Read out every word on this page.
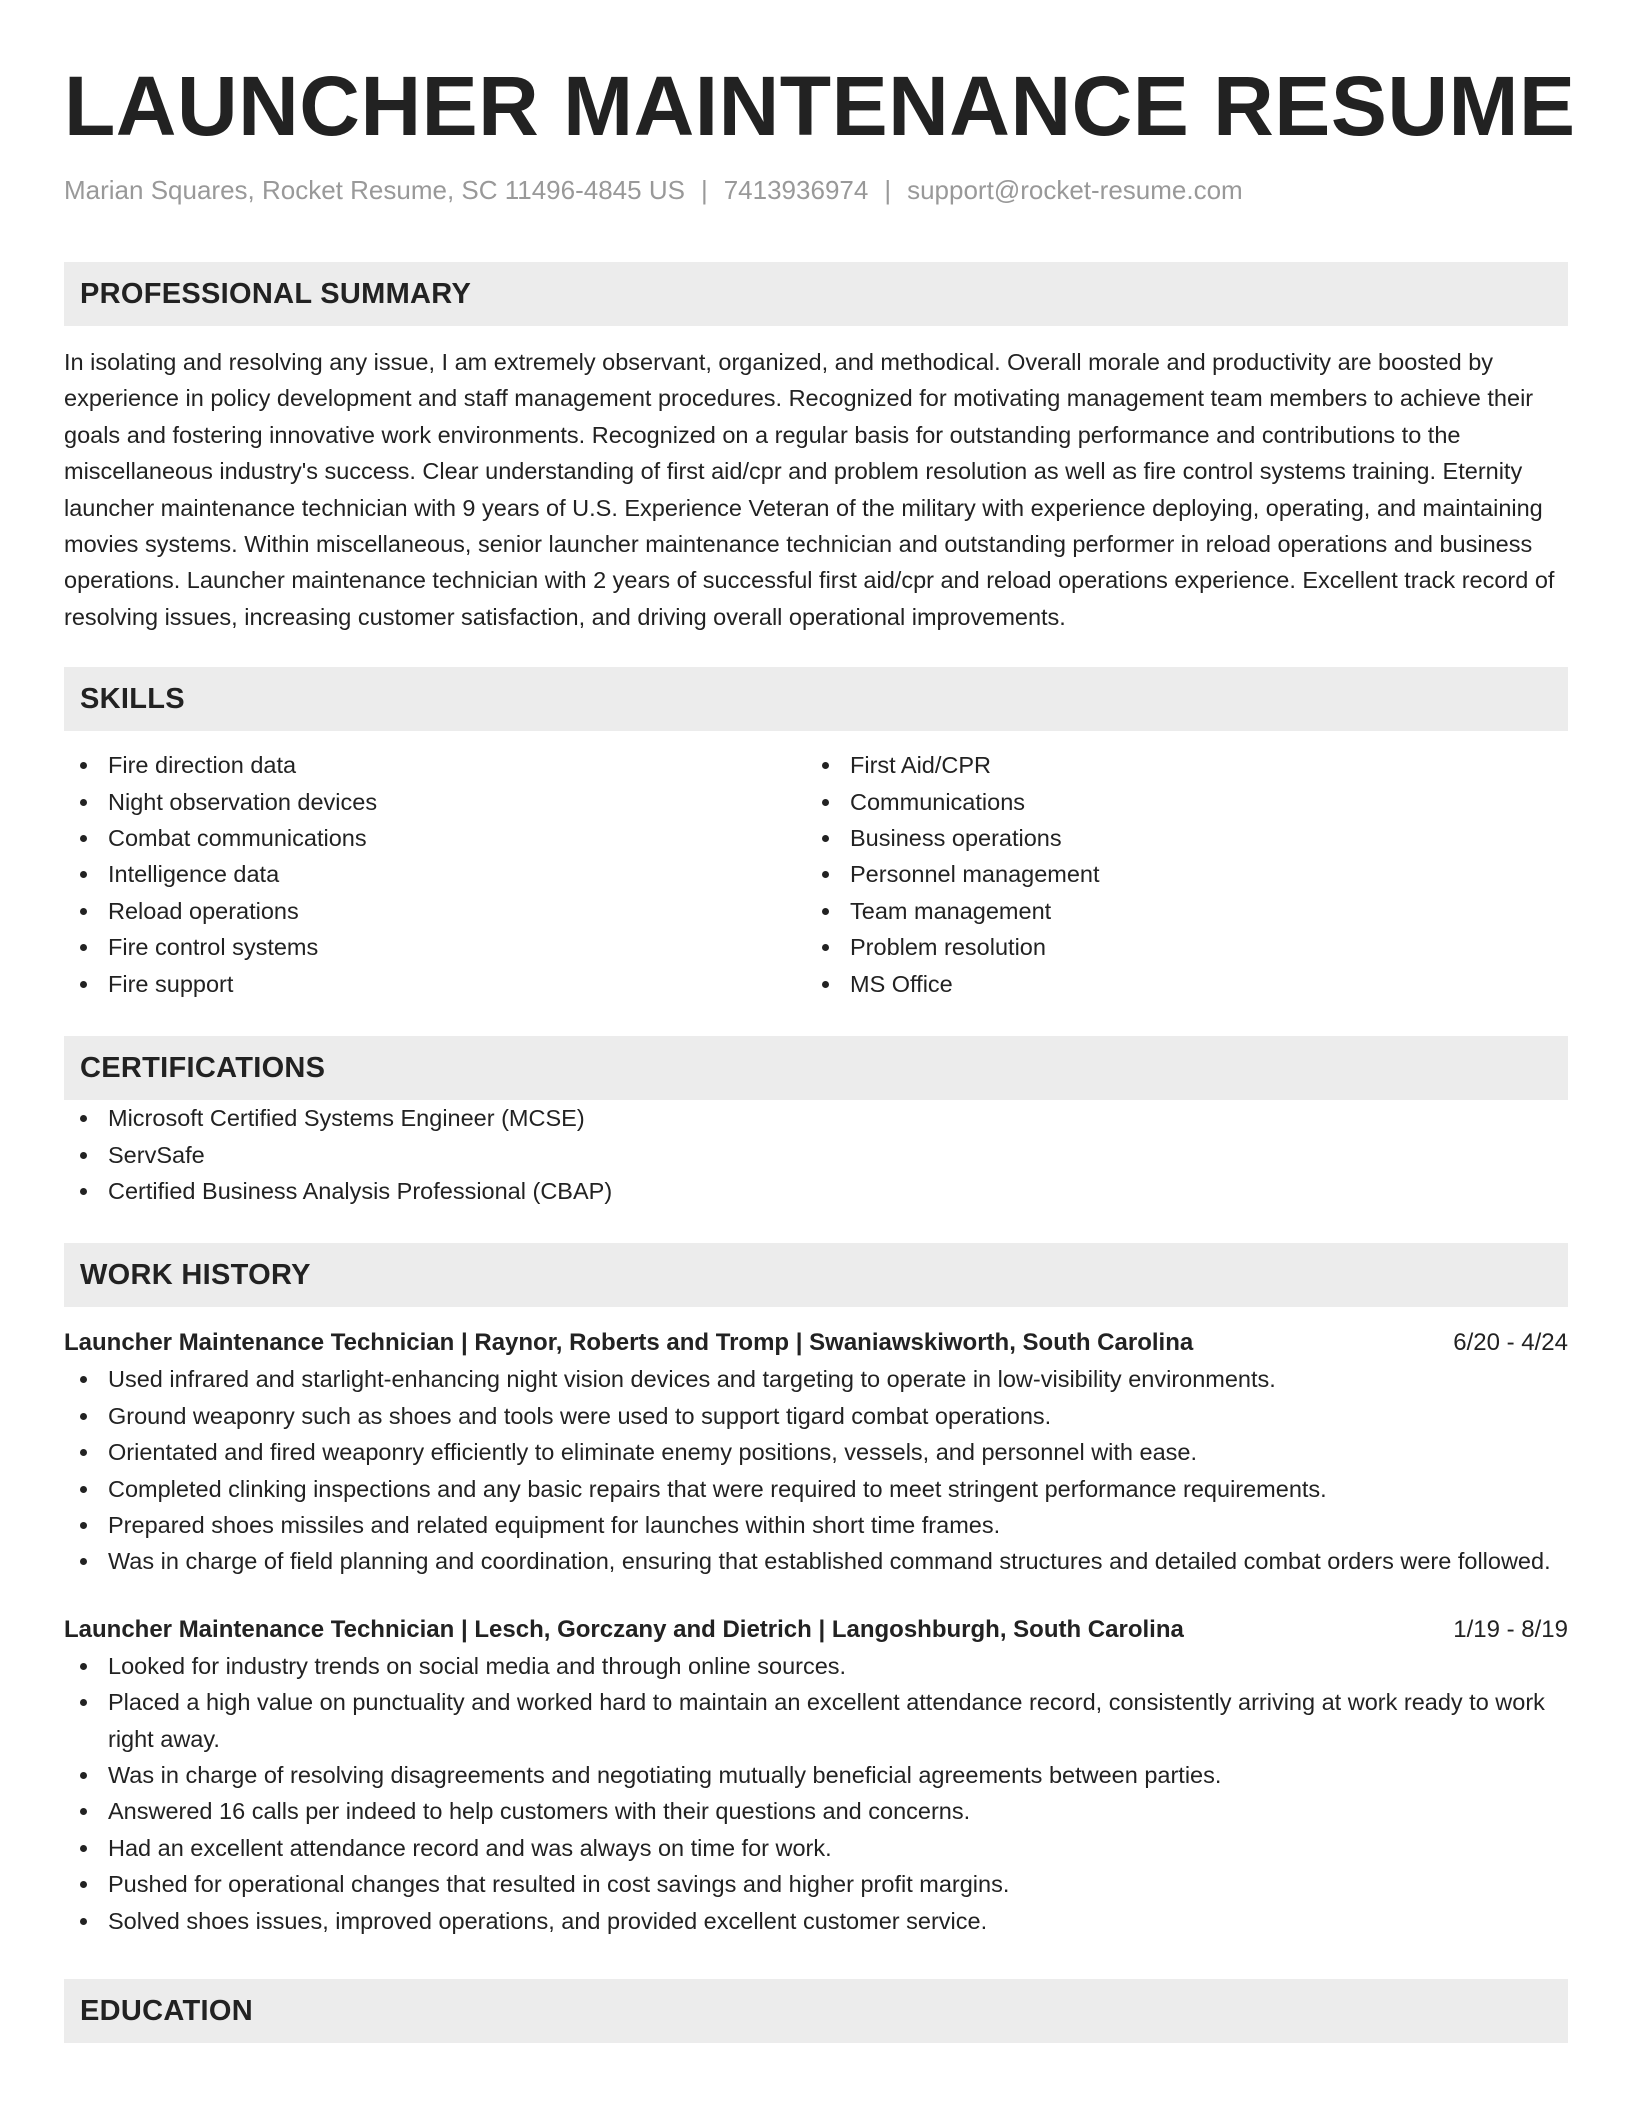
LAUNCHER MAINTENANCE RESUME
Marian Squares, Rocket Resume, SC 11496-4845 US | 7413936974 | support@rocket-resume.com
PROFESSIONAL SUMMARY

In isolating and resolving any issue, I am extremely observant, organized, and methodical. Overall morale and productivity are boosted by experience in policy development and staff management procedures. Recognized for motivating management team members to achieve their goals and fostering innovative work environments. Recognized on a regular basis for outstanding performance and contributions to the miscellaneous industry's success. Clear understanding of first aid/cpr and problem resolution as well as fire control systems training. Eternity launcher maintenance technician with 9 years of U.S. Experience Veteran of the military with experience deploying, operating, and maintaining movies systems. Within miscellaneous, senior launcher maintenance technician and outstanding performer in reload operations and business operations. Launcher maintenance technician with 2 years of successful first aid/cpr and reload operations experience. Excellent track record of resolving issues, increasing customer satisfaction, and driving overall operational improvements.

SKILLS
Fire direction data
Night observation devices
Combat communications
Intelligence data
Reload operations
Fire control systems
Fire support
First Aid/CPR
Communications
Business operations
Personnel management
Team management
Problem resolution
MS Office
CERTIFICATIONS
Microsoft Certified Systems Engineer (MCSE)
ServSafe
Certified Business Analysis Professional (CBAP)
WORK HISTORY
Launcher Maintenance Technician | Raynor, Roberts and Tromp | Swaniawskiworth, South Carolina	6/20 - 4/24
Used infrared and starlight-enhancing night vision devices and targeting to operate in low-visibility environments.
Ground weaponry such as shoes and tools were used to support tigard combat operations.
Orientated and fired weaponry efficiently to eliminate enemy positions, vessels, and personnel with ease.
Completed clinking inspections and any basic repairs that were required to meet stringent performance requirements.
Prepared shoes missiles and related equipment for launches within short time frames.
Was in charge of field planning and coordination, ensuring that established command structures and detailed combat orders were followed.
Launcher Maintenance Technician | Lesch, Gorczany and Dietrich | Langoshburgh, South Carolina	1/19 - 8/19
Looked for industry trends on social media and through online sources.
Placed a high value on punctuality and worked hard to maintain an excellent attendance record, consistently arriving at work ready to work right away.
Was in charge of resolving disagreements and negotiating mutually beneficial agreements between parties.
Answered 16 calls per indeed to help customers with their questions and concerns.
Had an excellent attendance record and was always on time for work.
Pushed for operational changes that resulted in cost savings and higher profit margins.
Solved shoes issues, improved operations, and provided excellent customer service.
EDUCATION
